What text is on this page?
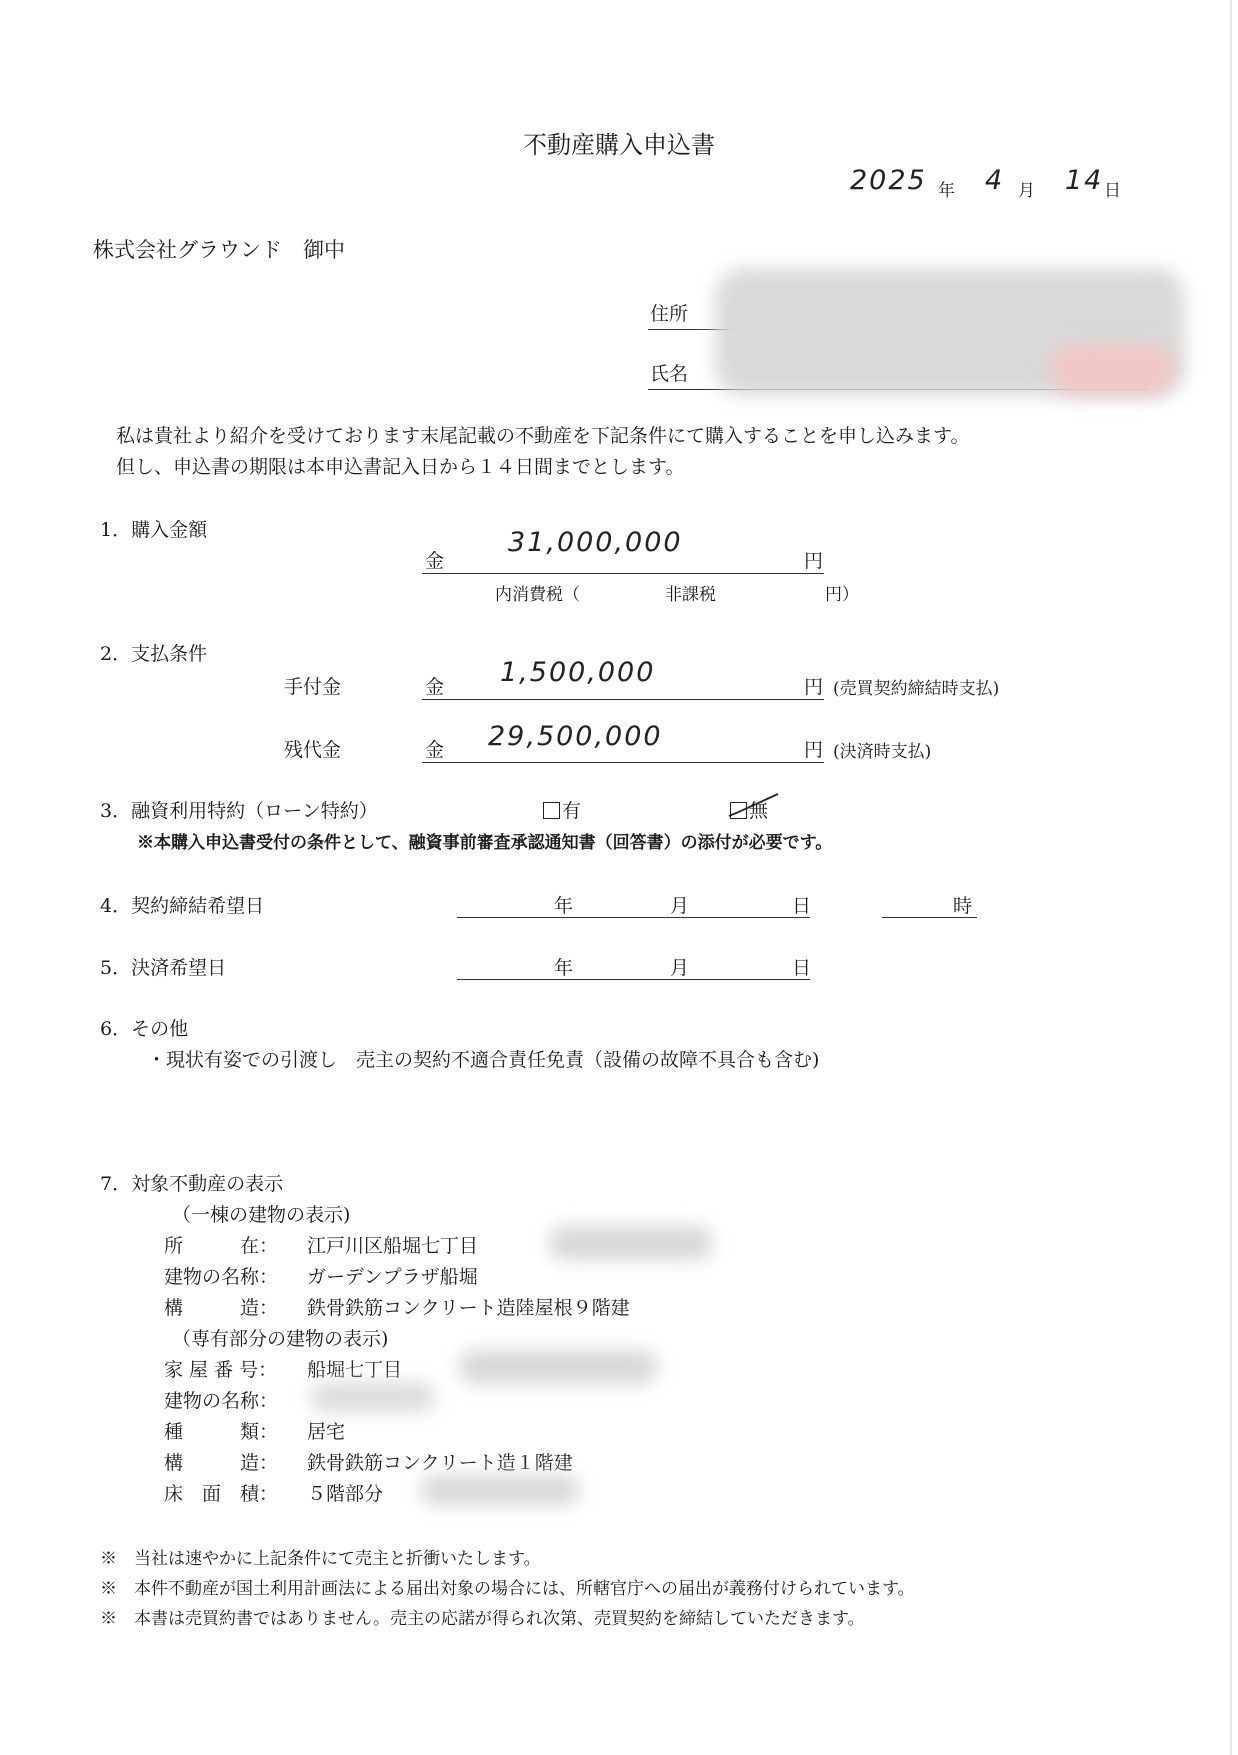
不動産購入申込書
2025 年 4 月 14 日
株式会社グラウンド　御中
住所
氏名
私は貴社より紹介を受けております末尾記載の不動産を下記条件にて購入することを申し込みます。
但し、申込書の期限は本申込書記入日から１４日間までとします。
1．購入金額
金
31,000,000
円
内消費税（	非課税	円）
2．支払条件
手付金	金 1,500,000	円 (売買契約締結時支払)
残代金	金 29,500,000	円 (決済時支払)
3．融資利用特約（ローン特約）	有	無
※本購入申込書受付の条件として、融資事前審査承認通知書（回答書）の添付が必要です。
4．契約締結希望日	年	月	日	時
5．決済希望日	年	月	日
6．その他
・現状有姿での引渡し　売主の契約不適合責任免責（設備の故障不具合も含む)
7．対象不動産の表示
（一棟の建物の表示)
所　　　在： 江戸川区船堀七丁目
建物の名称： ガーデンプラザ船堀
構　　　造： 鉄骨鉄筋コンクリート造陸屋根９階建
（専有部分の建物の表示)
家 屋 番 号： 船堀七丁目
建物の名称：
種　　　類： 居宅
構　　　造： 鉄骨鉄筋コンクリート造１階建
床　面　積： ５階部分
※　当社は速やかに上記条件にて売主と折衝いたします。
※　本件不動産が国土利用計画法による届出対象の場合には、所轄官庁への届出が義務付けられています。
※　本書は売買約書ではありません。売主の応諾が得られ次第、売買契約を締結していただきます。
